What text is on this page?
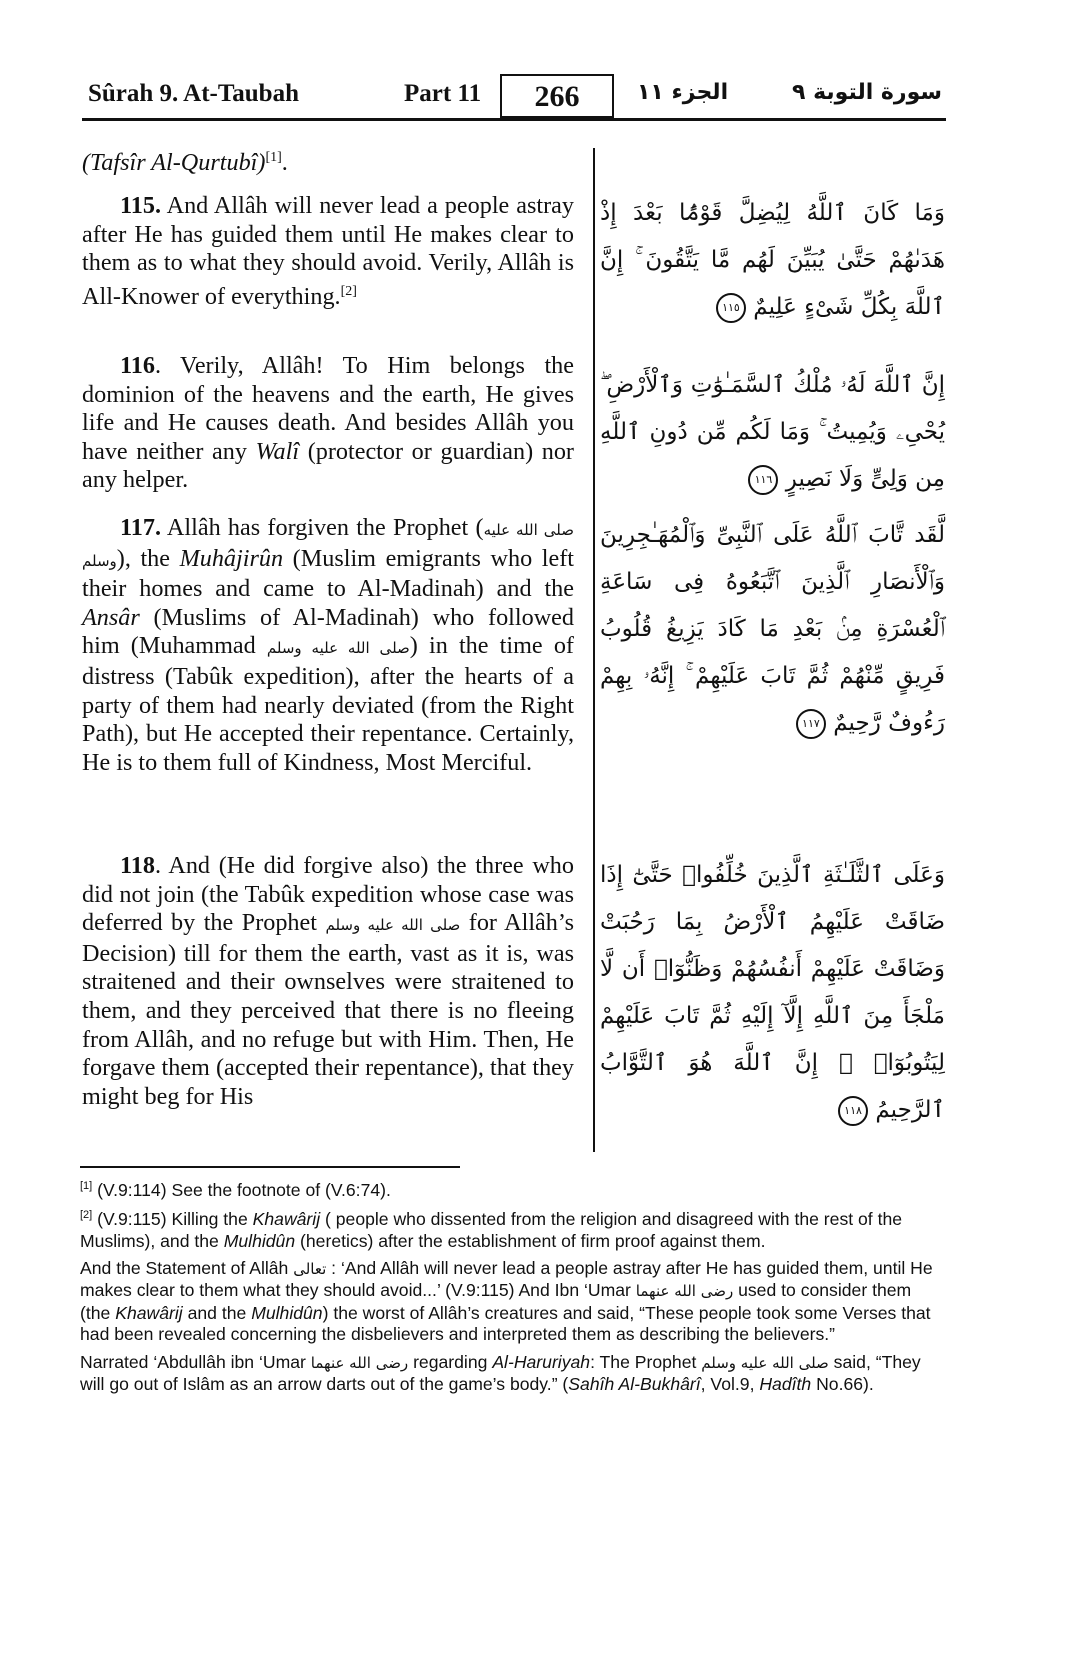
Sûrah 9. At-Taubah	Part 11	266	الجزء ١١	سورة التوبة ٩

(Tafsîr Al-Qurtubî)[1].

115. And Allâh will never lead a people astray after He has guided them until He makes clear to them as to what they should avoid. Verily, Allâh is All-Knower of everything.[2]

116. Verily, Allâh! To Him belongs the dominion of the heavens and the earth, He gives life and He causes death. And besides Allâh you have neither any Walî (protector or guardian) nor any helper.

117. Allâh has forgiven the Prophet (صلى الله عليه وسلم), the Muhâjirûn (Muslim emigrants who left their homes and came to Al-Madinah) and the Ansâr (Muslims of Al-Madinah) who followed him (Muhammad صلى الله عليه وسلم) in the time of distress (Tabûk expedition), after the hearts of a party of them had nearly deviated (from the Right Path), but He accepted their repentance. Certainly, He is to them full of Kindness, Most Merciful.

118. And (He did forgive also) the three who did not join (the Tabûk expedition whose case was deferred by the Prophet صلى الله عليه وسلم for Allâh’s Decision) till for them the earth, vast as it is, was straitened and their ownselves were straitened to them, and they perceived that there is no fleeing from Allâh, and no refuge but with Him. Then, He forgave them (accepted their repentance), that they might beg for His

وَمَا كَانَ ٱللَّهُ لِيُضِلَّ قَوْمًۢا بَعْدَ إِذْ هَدَىٰهُمْ حَتَّىٰ يُبَيِّنَ لَهُم مَّا يَتَّقُونَ ۚ إِنَّ ٱللَّهَ بِكُلِّ شَىْءٍ عَلِيمٌ ١١٥
إِنَّ ٱللَّهَ لَهُۥ مُلْكُ ٱلسَّمَـٰوَٰتِ وَٱلْأَرْضِ ۖ يُحْىِۦ وَيُمِيتُ ۚ وَمَا لَكُم مِّن دُونِ ٱللَّهِ مِن وَلِىٍّ وَلَا نَصِيرٍ ١١٦
لَّقَد تَّابَ ٱللَّهُ عَلَى ٱلنَّبِىِّ وَٱلْمُهَـٰجِرِينَ وَٱلْأَنصَارِ ٱلَّذِينَ ٱتَّبَعُوهُ فِى سَاعَةِ ٱلْعُسْرَةِ مِنۢ بَعْدِ مَا كَادَ يَزِيغُ قُلُوبُ فَرِيقٍ مِّنْهُمْ ثُمَّ تَابَ عَلَيْهِمْ ۚ إِنَّهُۥ بِهِمْ رَءُوفٌ رَّحِيمٌ ١١٧
وَعَلَى ٱلثَّلَـٰثَةِ ٱلَّذِينَ خُلِّفُوا۟ حَتَّىٰٓ إِذَا ضَاقَتْ عَلَيْهِمُ ٱلْأَرْضُ بِمَا رَحُبَتْ وَضَاقَتْ عَلَيْهِمْ أَنفُسُهُمْ وَظَنُّوٓا۟ أَن لَّا مَلْجَأَ مِنَ ٱللَّهِ إِلَّآ إِلَيْهِ ثُمَّ تَابَ عَلَيْهِمْ لِيَتُوبُوٓا۟ ۚ إِنَّ ٱللَّهَ هُوَ ٱلتَّوَّابُ ٱلرَّحِيمُ ١١٨

[1] (V.9:114) See the footnote of (V.6:74).

[2] (V.9:115) Killing the Khawârij ( people who dissented from the religion and disagreed with the rest of the Muslims), and the Mulhidûn (heretics) after the establishment of firm proof against them.

And the Statement of Allâh تعالى : ‘And Allâh will never lead a people astray after He has guided them, until He makes clear to them what they should avoid...’ (V.9:115) And Ibn ‘Umar رضى الله عنهما used to consider them (the Khawârij and the Mulhidûn) the worst of Allâh’s creatures and said, “These people took some Verses that had been revealed concerning the disbelievers and interpreted them as describing the believers.”

Narrated ‘Abdullâh ibn ‘Umar رضى الله عنهما regarding Al-Haruriyah: The Prophet صلى الله عليه وسلم said, “They will go out of Islâm as an arrow darts out of the game’s body.” (Sahîh Al-Bukhârî, Vol.9, Hadîth No.66).
